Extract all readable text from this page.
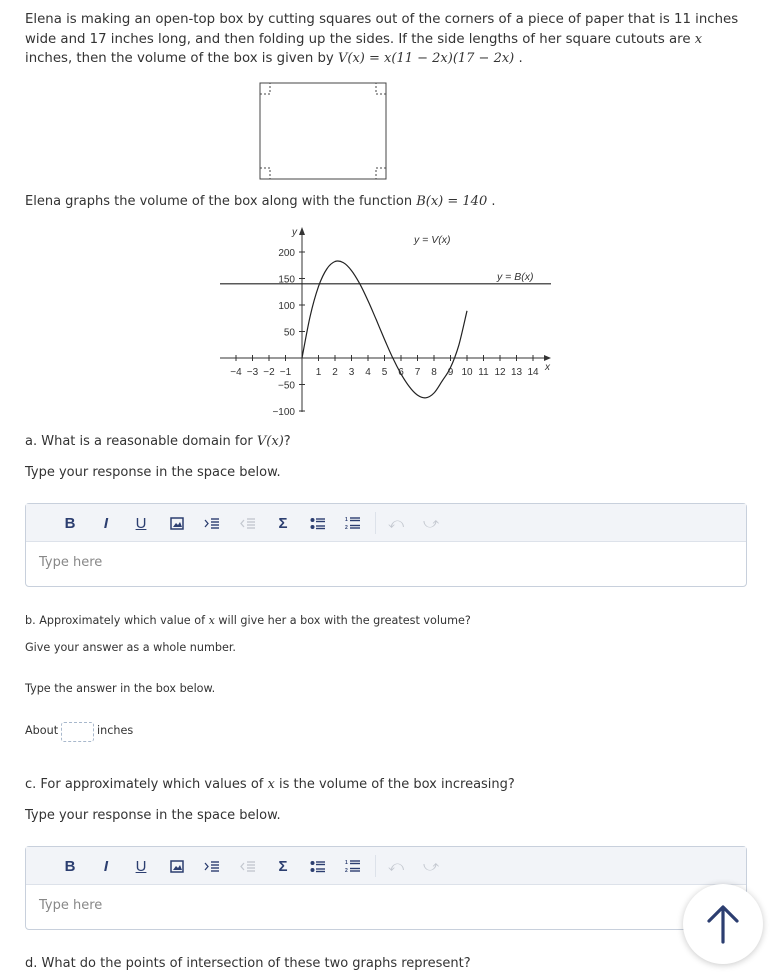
Elena is making an open-top box by cutting squares out of the corners of a piece of paper that is 11 inches wide and 17 inches long, and then folding up the sides. If the side lengths of her square cutouts are x inches, then the volume of the box is given by V(x) = x(11 − 2x)(17 − 2x) .

Elena graphs the volume of the box along with the function B(x) = 140 .

x
y
−4 −3 −2 −1 1 2 3 4 5 6 7 8 9 10 11 12 13 14
200
150
100
50
−50
−100
y = V(x)
y = B(x)

a. What is a reasonable domain for V(x)?

Type your response in the space below.

B	I	U	Σ	1
2	⤺	⤻
Type here

b. Approximately which value of x will give her a box with the greatest volume?

Give your answer as a whole number.

Type the answer in the box below.

About	inches

c. For approximately which values of x is the volume of the box increasing?

Type your response in the space below.

B	I	U	Σ	1
2	⤺	⤻
Type here

d. What do the points of intersection of these two graphs represent?
